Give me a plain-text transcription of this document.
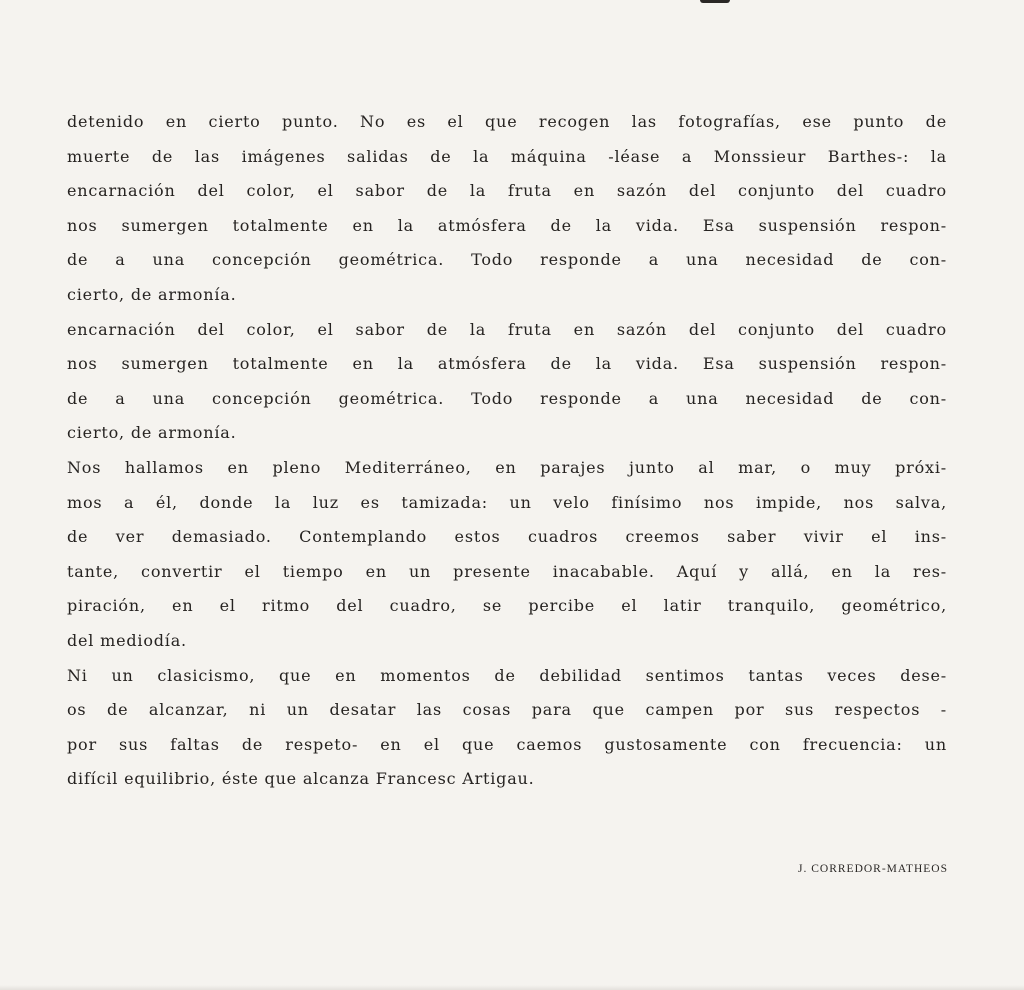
detenido en cierto punto. No es el que recogen las fotografías, ese punto de
muerte de las imágenes salidas de la máquina -léase a Monssieur Barthes-: la
encarnación del color, el sabor de la fruta en sazón del conjunto del cuadro
nos sumergen totalmente en la atmósfera de la vida. Esa suspensión respon-
de a una concepción geométrica. Todo responde a una necesidad de con-
cierto, de armonía.
encarnación del color, el sabor de la fruta en sazón del conjunto del cuadro
nos sumergen totalmente en la atmósfera de la vida. Esa suspensión respon-
de a una concepción geométrica. Todo responde a una necesidad de con-
cierto, de armonía.
Nos hallamos en pleno Mediterráneo, en parajes junto al mar, o muy próxi-
mos a él, donde la luz es tamizada: un velo finísimo nos impide, nos salva,
de ver demasiado. Contemplando estos cuadros creemos saber vivir el ins-
tante, convertir el tiempo en un presente inacabable. Aquí y allá, en la res-
piración, en el ritmo del cuadro, se percibe el latir tranquilo, geométrico,
del mediodía.
Ni un clasicismo, que en momentos de debilidad sentimos tantas veces dese-
os de alcanzar, ni un desatar las cosas para que campen por sus respectos -
por sus faltas de respeto- en el que caemos gustosamente con frecuencia: un
difícil equilibrio, éste que alcanza Francesc Artigau.
J. CORREDOR-MATHEOS
